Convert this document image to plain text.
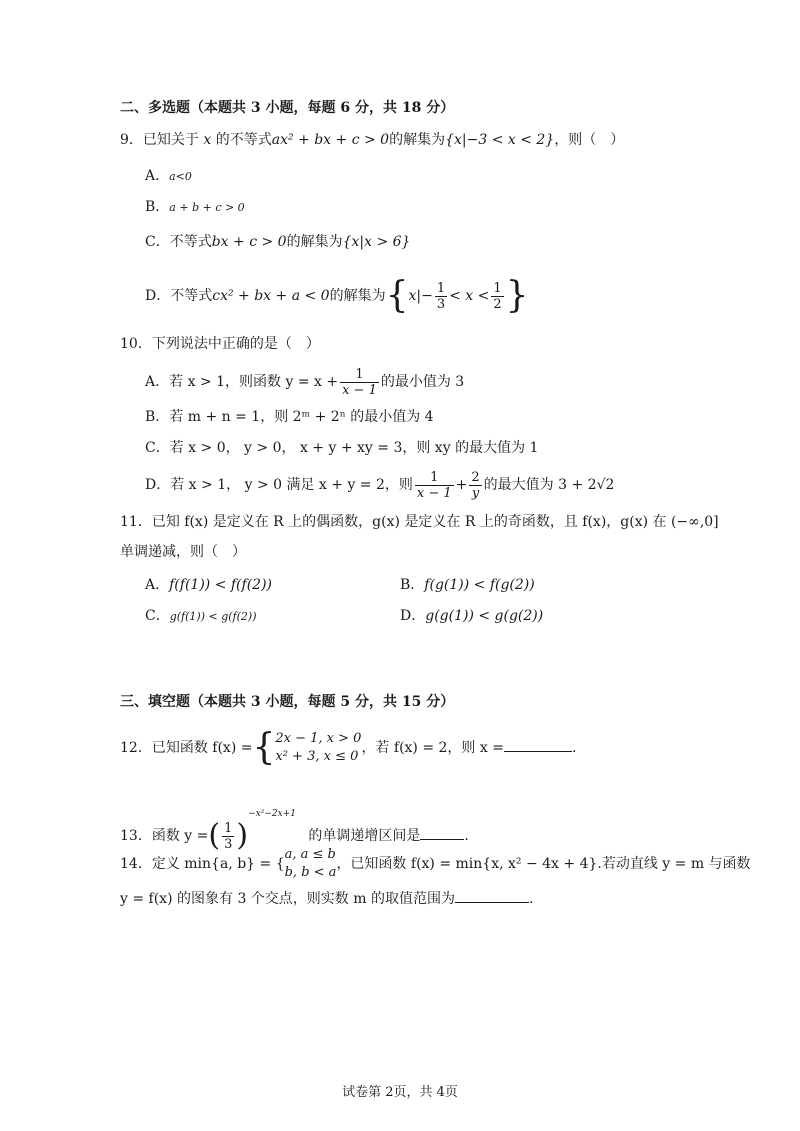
二、多选题（本题共 3 小题，每题 6 分，共 18 分）
9．已知关于 x 的不等式ax² + bx + c > 0的解集为{x|−3 < x < 2}，则（　）
A．a<0
B．a + b + c > 0
C．不等式bx + c > 0的解集为{x|x > 6}
D．不等式cx² + bx + a < 0的解集为{$x|- \frac{1}{3} < x < \frac{1}{2}$ }
10．下列说法中正确的是（　）
A．若 x > 1，则函数 $y = x + \frac{1}{x - 1}$ 的最小值为 3
B．若 m + n = 1，则 2ᵐ + 2ⁿ 的最小值为 4
C．若 x > 0， y > 0， x + y + xy = 3，则 xy 的最大值为 1
D．若 x > 1， y > 0 满足 x + y = 2，则 $\frac{1}{x - 1} + \frac{2}{y}$ 的最大值为 3 + 2√2
11．已知 f(x) 是定义在 R 上的偶函数，g(x) 是定义在 R 上的奇函数，且 f(x)，g(x) 在 (−∞,0]
单调递减，则（　）
A．f(f(1)) < f(f(2))	B．f(g(1)) < f(g(2))
C．g(f(1)) < g(f(2))	D．g(g(1)) < g(g(2))
三、填空题（本题共 3 小题，每题 5 分，共 15 分）
12．已知函数 f(x) ={ 2x − 1, x > 0
x² + 3, x ≤ 0
，若 f(x) = 2，则 x =	.
13．函数 y =( $\frac{1}{3} )^{-x^2-2x+1}$ 的单调递增区间是	.
14．定义 min{a, b} = {
a, a ≤ b
b, b < a
，已知函数 f(x) = min{x, x² − 4x + 4}.若动直线 y = m 与函数
y = f(x) 的图象有 3 个交点，则实数 m 的取值范围为	.
试卷第 2页，共 4页
